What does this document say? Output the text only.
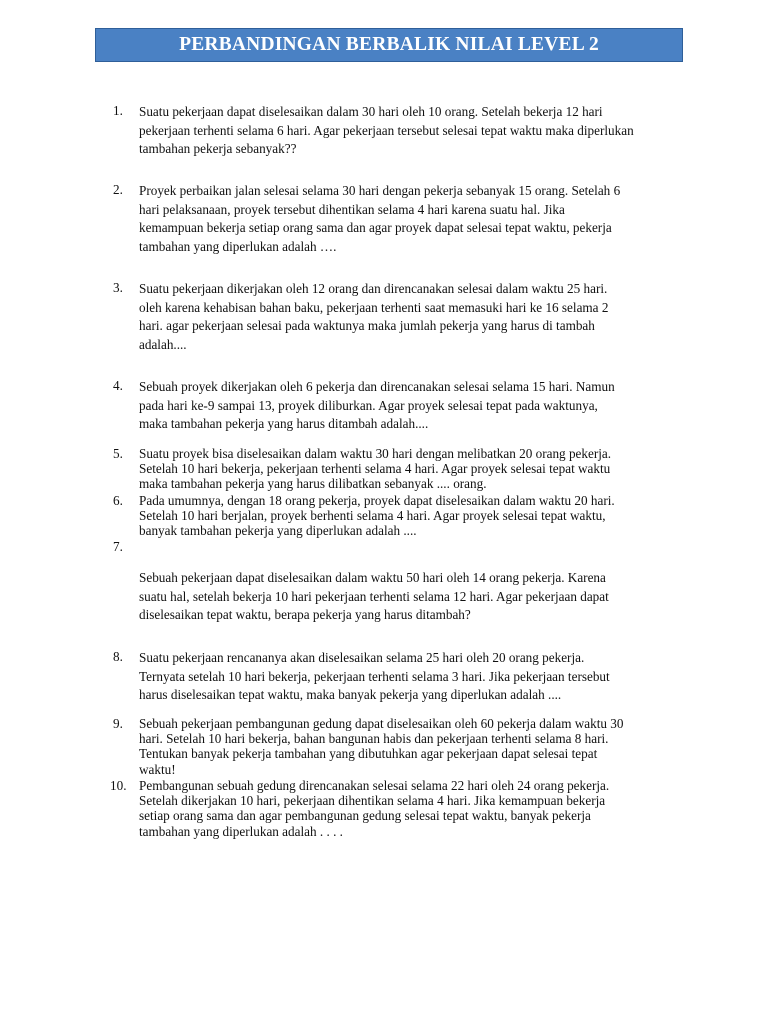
PERBANDINGAN BERBALIK NILAI LEVEL 2
1.	Suatu pekerjaan dapat diselesaikan dalam 30 hari oleh 10 orang. Setelah bekerja 12 hari
pekerjaan terhenti selama 6 hari. Agar pekerjaan tersebut selesai tepat waktu maka diperlukan
tambahan pekerja sebanyak??
2.	Proyek perbaikan jalan selesai selama 30 hari dengan pekerja sebanyak 15 orang. Setelah 6
hari pelaksanaan, proyek tersebut dihentikan selama 4 hari karena suatu hal. Jika
kemampuan bekerja setiap orang sama dan agar proyek dapat selesai tepat waktu, pekerja
tambahan yang diperlukan adalah ….
3.	Suatu pekerjaan dikerjakan oleh 12 orang dan direncanakan selesai dalam waktu 25 hari.
oleh karena kehabisan bahan baku, pekerjaan terhenti saat memasuki hari ke 16 selama 2
hari. agar pekerjaan selesai pada waktunya maka jumlah pekerja yang harus di tambah
adalah....
4.	Sebuah proyek dikerjakan oleh 6 pekerja dan direncanakan selesai selama 15 hari. Namun
pada hari ke-9 sampai 13, proyek diliburkan. Agar proyek selesai tepat pada waktunya,
maka tambahan pekerja yang harus ditambah adalah....
5.	Suatu proyek bisa diselesaikan dalam waktu 30 hari dengan melibatkan 20 orang pekerja.
Setelah 10 hari bekerja, pekerjaan terhenti selama 4 hari. Agar proyek selesai tepat waktu
maka tambahan pekerja yang harus dilibatkan sebanyak .... orang.
6.	Pada umumnya, dengan 18 orang pekerja, proyek dapat diselesaikan dalam waktu 20 hari.
Setelah 10 hari berjalan, proyek berhenti selama 4 hari. Agar proyek selesai tepat waktu,
banyak tambahan pekerja yang diperlukan adalah ....
7.
Sebuah pekerjaan dapat diselesaikan dalam waktu 50 hari oleh 14 orang pekerja. Karena
suatu hal, setelah bekerja 10 hari pekerjaan terhenti selama 12 hari. Agar pekerjaan dapat
diselesaikan tepat waktu, berapa pekerja yang harus ditambah?
8.	Suatu pekerjaan rencananya akan diselesaikan selama 25 hari oleh 20 orang pekerja.
Ternyata setelah 10 hari bekerja, pekerjaan terhenti selama 3 hari. Jika pekerjaan tersebut
harus diselesaikan tepat waktu, maka banyak pekerja yang diperlukan adalah ....
9.	Sebuah pekerjaan pembangunan gedung dapat diselesaikan oleh 60 pekerja dalam waktu 30
hari. Setelah 10 hari bekerja, bahan bangunan habis dan pekerjaan terhenti selama 8 hari.
Tentukan banyak pekerja tambahan yang dibutuhkan agar pekerjaan dapat selesai tepat
waktu!
10. Pembangunan sebuah gedung direncanakan selesai selama 22 hari oleh 24 orang pekerja.
Setelah dikerjakan 10 hari, pekerjaan dihentikan selama 4 hari. Jika kemampuan bekerja
setiap orang sama dan agar pembangunan gedung selesai tepat waktu, banyak pekerja
tambahan yang diperlukan adalah . . . .
